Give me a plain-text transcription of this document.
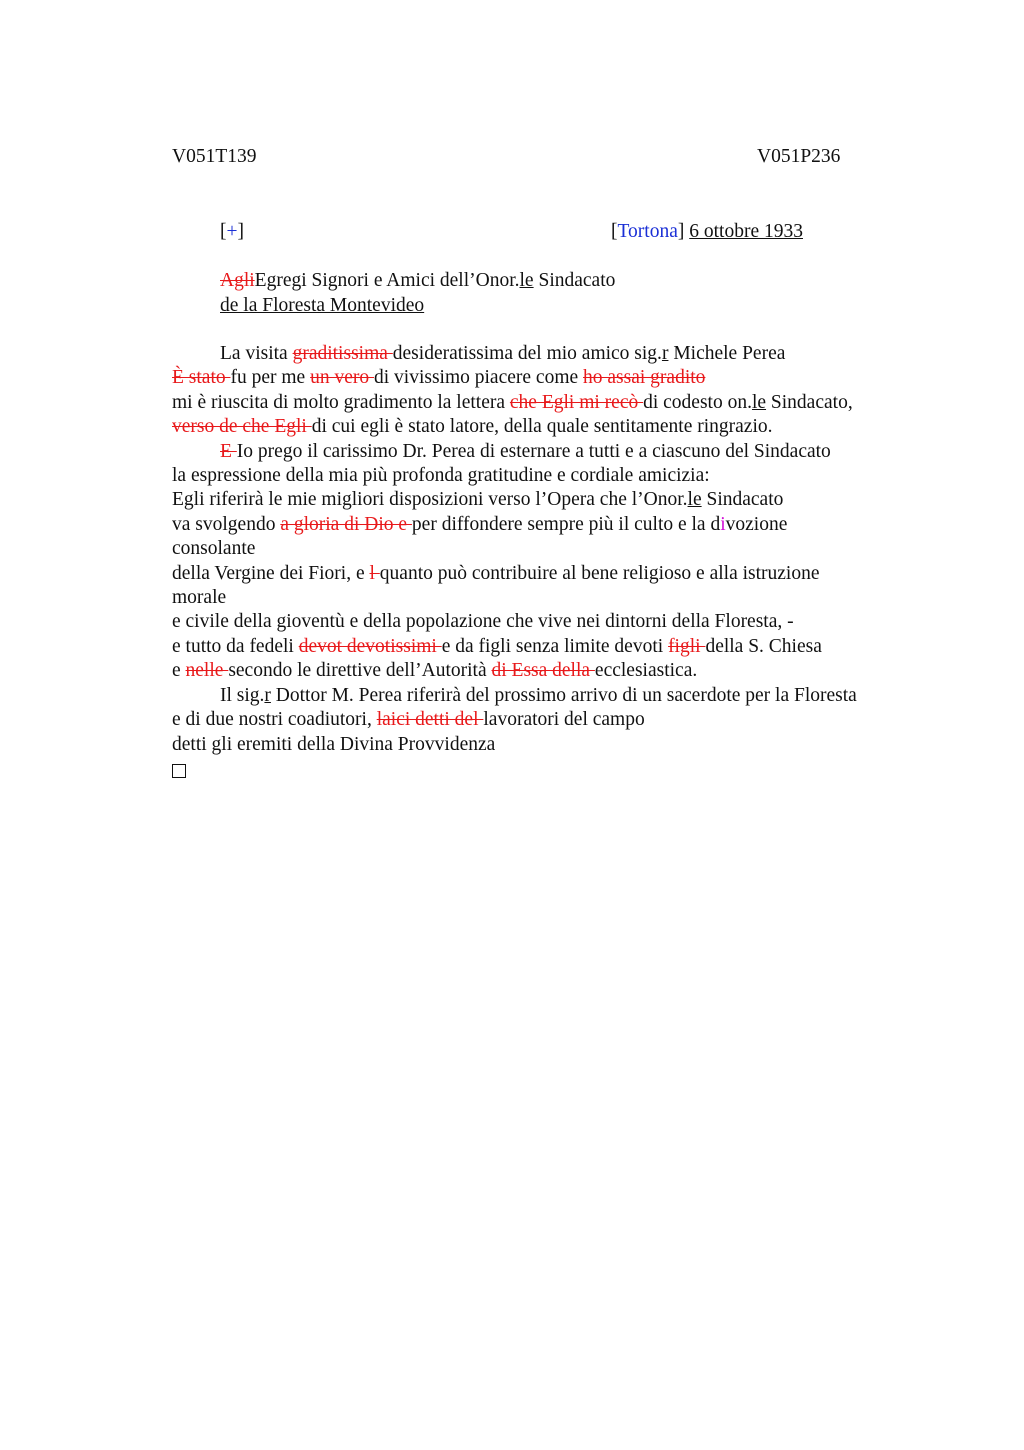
V051T139	V051P236
[+]	[Tortona] 6 ottobre 1933
AgliEgregi Signori e Amici dell’Onor.le Sindacato
de la Floresta Montevideo
La visita graditissima desideratissima del mio amico sig.r Michele Perea
È stato fu per me un vero di vivissimo piacere come ho assai gradito
mi è riuscita di molto gradimento la lettera che Egli mi recò di codesto on.le Sindacato,
verso de che Egli di cui egli è stato latore, della quale sentitamente ringrazio.
E Io prego il carissimo Dr. Perea di esternare a tutti e a ciascuno del Sindacato
la espressione della mia più profonda gratitudine e cordiale amicizia:
Egli riferirà le mie migliori disposizioni verso l’Opera che l’Onor.le Sindacato
va svolgendo a gloria di Dio e per diffondere sempre più il culto e la divozione
consolante
della Vergine dei Fiori, e l quanto può contribuire al bene religioso e alla istruzione
morale
e civile della gioventù e della popolazione che vive nei dintorni della Floresta, -
e tutto da fedeli devot devotissimi e da figli senza limite devoti figli della S. Chiesa
e nelle secondo le direttive dell’Autorità di Essa della ecclesiastica.
Il sig.r Dottor M. Perea riferirà del prossimo arrivo di un sacerdote per la Floresta
e di due nostri coadiutori, laici detti del lavoratori del campo
detti gli eremiti della Divina Provvidenza
